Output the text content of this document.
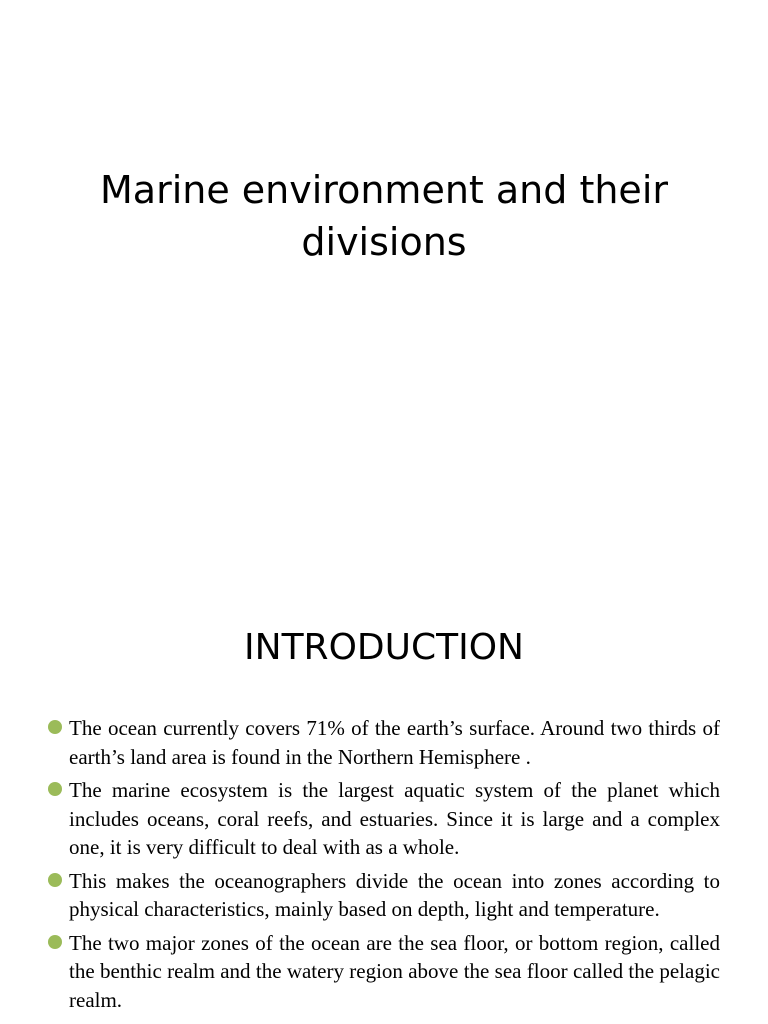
Marine environment and their divisions
INTRODUCTION
The ocean currently covers 71% of the earth’s surface. Around two thirds of earth’s land area is found in the Northern Hemisphere .
The marine ecosystem is the largest aquatic system of the planet which includes oceans, coral reefs, and estuaries. Since it is large and a complex one, it is very difficult to deal with as a whole.
This makes the oceanographers divide the ocean into zones according to physical characteristics, mainly based on depth, light and temperature.
The two major zones of the ocean are the sea floor, or bottom region, called the benthic realm and the watery region above the sea floor called the pelagic realm.
